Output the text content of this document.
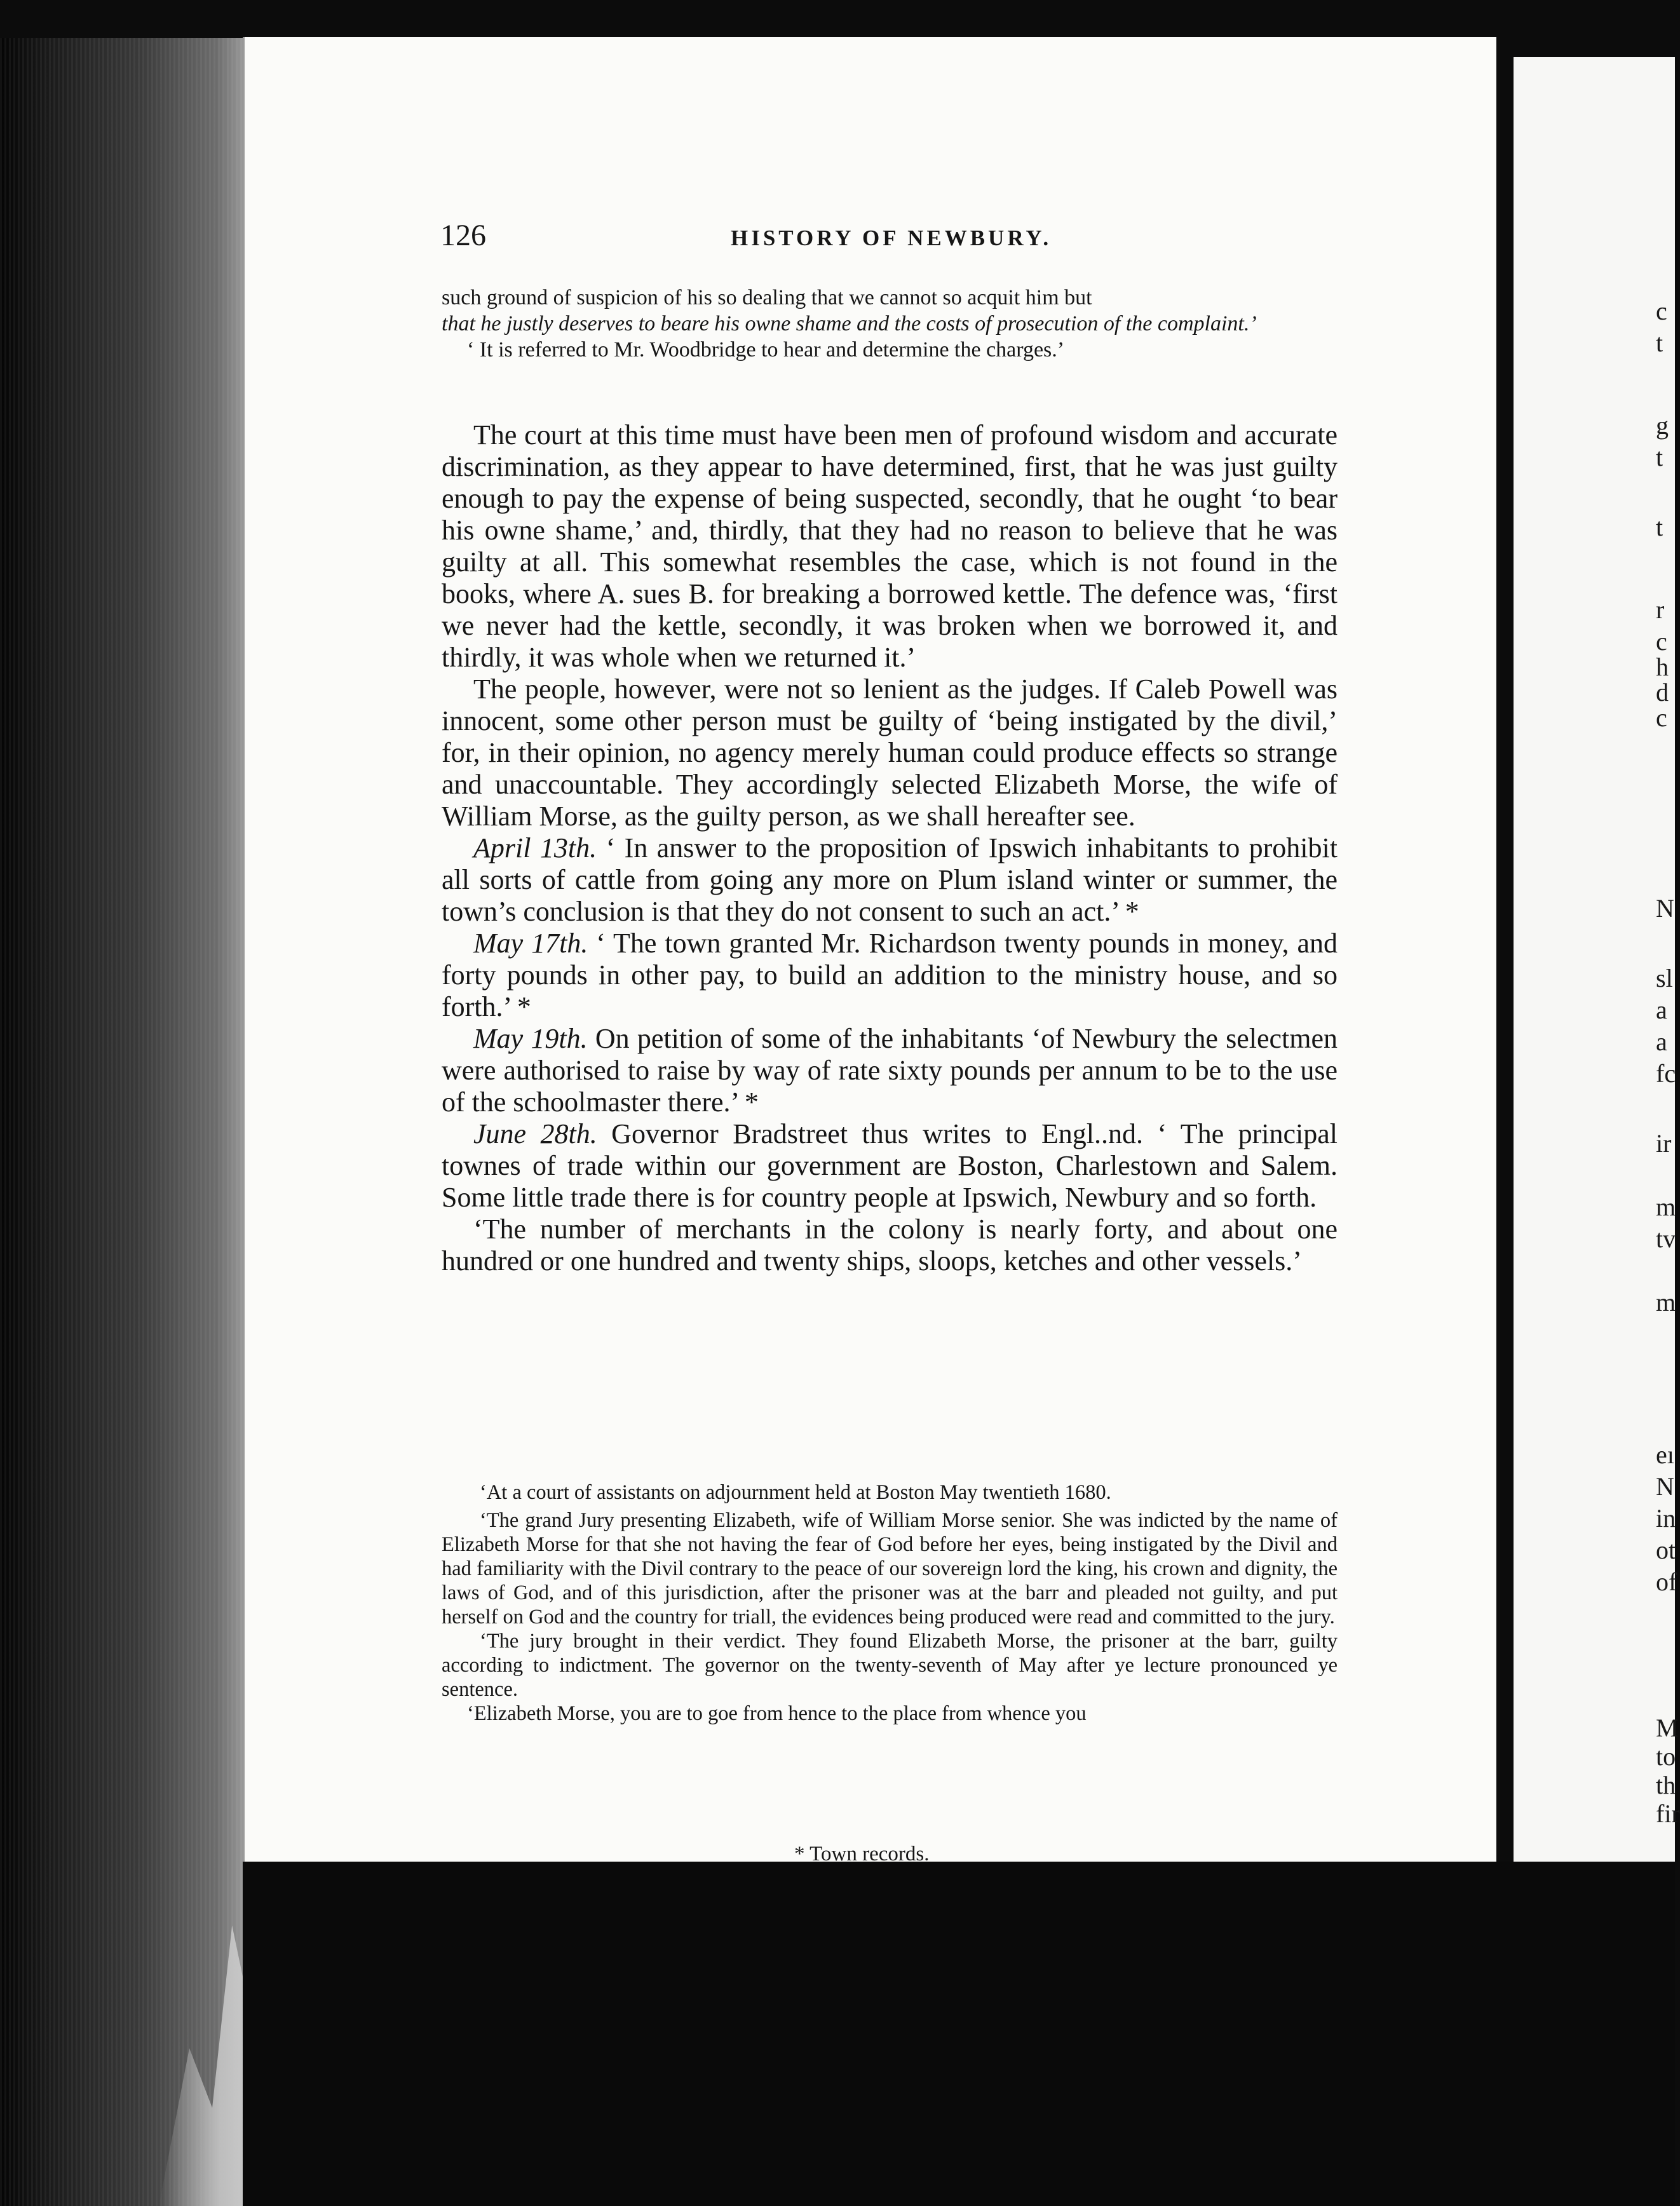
126	HISTORY OF NEWBURY.

such ground of suspicion of his so dealing that we cannot so acquit him but

that he justly deserves to beare his owne shame and the costs of prosecution of the complaint.’

‘ It is referred to Mr. Woodbridge to hear and determine the charges.’

The court at this time must have been men of profound wisdom and accurate discrimination, as they appear to have determined, first, that he was just guilty enough to pay the expense of being suspected, secondly, that he ought ‘to bear his owne shame,’ and, thirdly, that they had no reason to believe that he was guilty at all. This somewhat resembles the case, which is not found in the books, where A. sues B. for breaking a borrowed kettle. The defence was, ‘first we never had the kettle, secondly, it was broken when we borrowed it, and thirdly, it was whole when we returned it.’

The people, however, were not so lenient as the judges. If Caleb Powell was innocent, some other person must be guilty of ‘being instigated by the divil,’ for, in their opinion, no agency merely human could produce effects so strange and unaccountable. They accordingly selected Elizabeth Morse, the wife of William Morse, as the guilty person, as we shall hereafter see.

April 13th. ‘ In answer to the proposition of Ipswich inhabitants to prohibit all sorts of cattle from going any more on Plum island winter or summer, the town’s conclusion is that they do not consent to such an act.’ *

May 17th. ‘ The town granted Mr. Richardson twenty pounds in money, and forty pounds in other pay, to build an addition to the ministry house, and so forth.’ *

May 19th. On petition of some of the inhabitants ‘of Newbury the selectmen were authorised to raise by way of rate sixty pounds per annum to be to the use of the schoolmaster there.’ *

June 28th. Governor Bradstreet thus writes to Engl..nd. ‘ The principal townes of trade within our government are Boston, Charlestown and Salem. Some little trade there is for country people at Ipswich, Newbury and so forth.

‘The number of merchants in the colony is nearly forty, and about one hundred or one hundred and twenty ships, sloops, ketches and other vessels.’

‘At a court of assistants on adjournment held at Boston May twentieth 1680.

‘The grand Jury presenting Elizabeth, wife of William Morse senior. She was indicted by the name of Elizabeth Morse for that she not having the fear of God before her eyes, being instigated by the Divil and had familiarity with the Divil contrary to the peace of our sovereign lord the king, his crown and dignity, the laws of God, and of this jurisdiction, after the prisoner was at the barr and pleaded not guilty, and put herself on God and the country for triall, the evidences being produced were read and committed to the jury.

‘The jury brought in their verdict. They found Elizabeth Morse, the prisoner at the barr, guilty according to indictment. The governor on the twenty-seventh of May after ye lecture pronounced ye sentence.

‘Elizabeth Morse, you are to goe from hence to the place from whence you

* Town records.
c
t
g
t
t
r
c
h
d
c
N
sl
a
a
fc
ir
m
tv
m
eı
N
in
ot
of
M
to
th
fir
